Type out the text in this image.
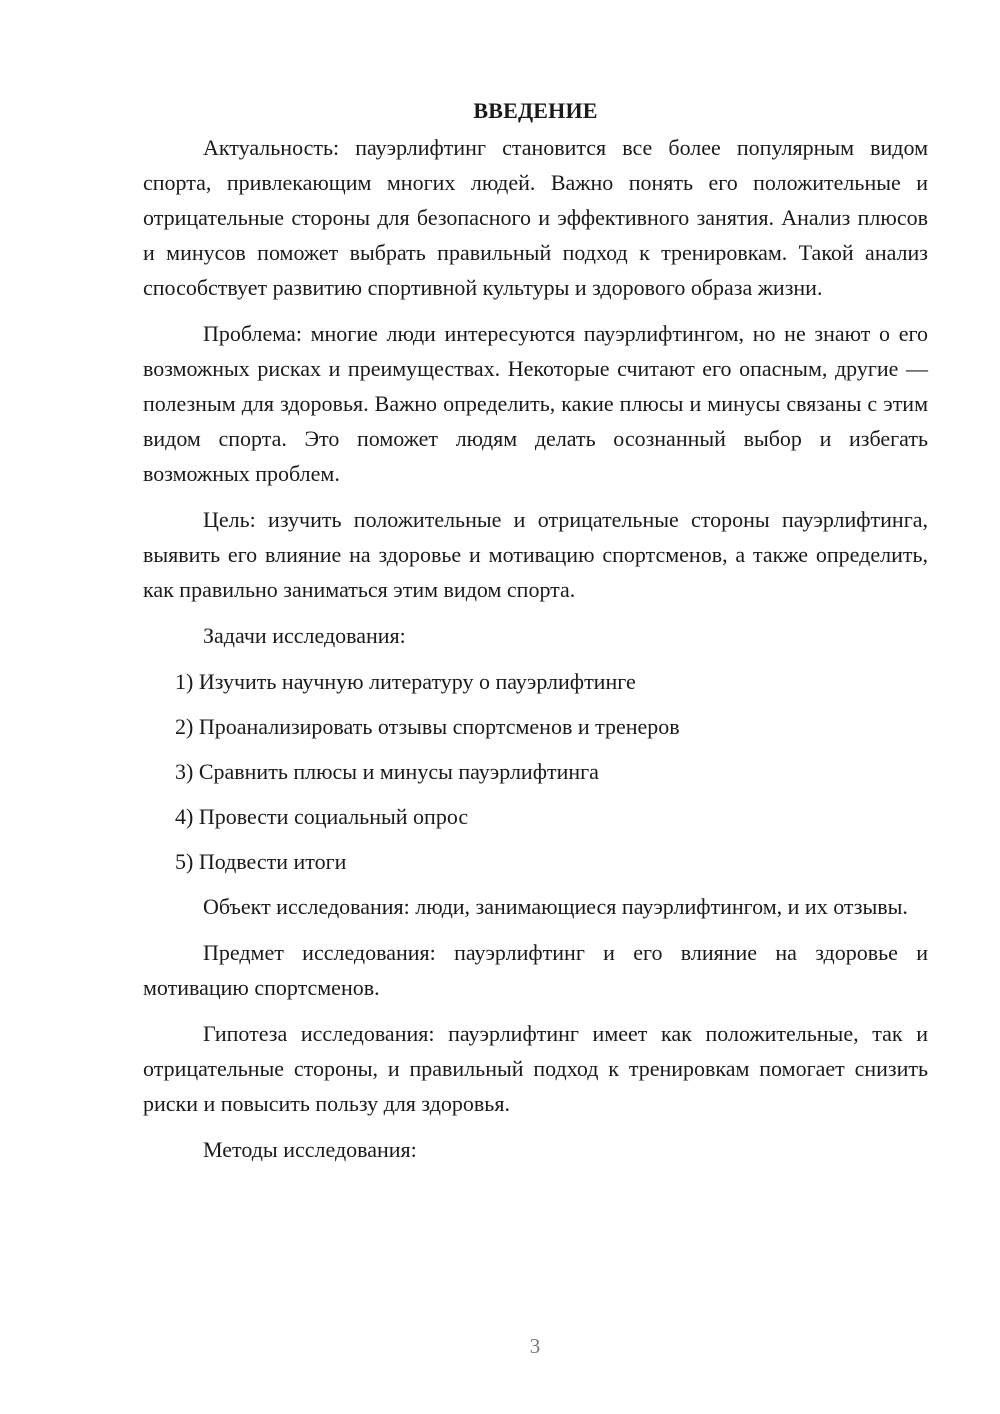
ВВЕДЕНИЕ

Актуальность: пауэрлифтинг становится все более популярным видом спорта, привлекающим многих людей. Важно понять его положительные и отрицательные стороны для безопасного и эффективного занятия. Анализ плюсов и минусов поможет выбрать правильный подход к тренировкам. Такой анализ способствует развитию спортивной культуры и здорового образа жизни.

Проблема: многие люди интересуются пауэрлифтингом, но не знают о его возможных рисках и преимуществах. Некоторые считают его опасным, другие — полезным для здоровья. Важно определить, какие плюсы и минусы связаны с этим видом спорта. Это поможет людям делать осознанный выбор и избегать возможных проблем.

Цель: изучить положительные и отрицательные стороны пауэрлифтинга, выявить его влияние на здоровье и мотивацию спортсменов, а также определить, как правильно заниматься этим видом спорта.

Задачи исследования:

1) Изучить научную литературу о пауэрлифтинге
2) Проанализировать отзывы спортсменов и тренеров
3) Сравнить плюсы и минусы пауэрлифтинга
4) Провести социальный опрос
5) Подвести итоги

Объект исследования: люди, занимающиеся пауэрлифтингом, и их отзывы.

Предмет исследования: пауэрлифтинг и его влияние на здоровье и мотивацию спортсменов.

Гипотеза исследования: пауэрлифтинг имеет как положительные, так и отрицательные стороны, и правильный подход к тренировкам помогает снизить риски и повысить пользу для здоровья.

Методы исследования:

3
